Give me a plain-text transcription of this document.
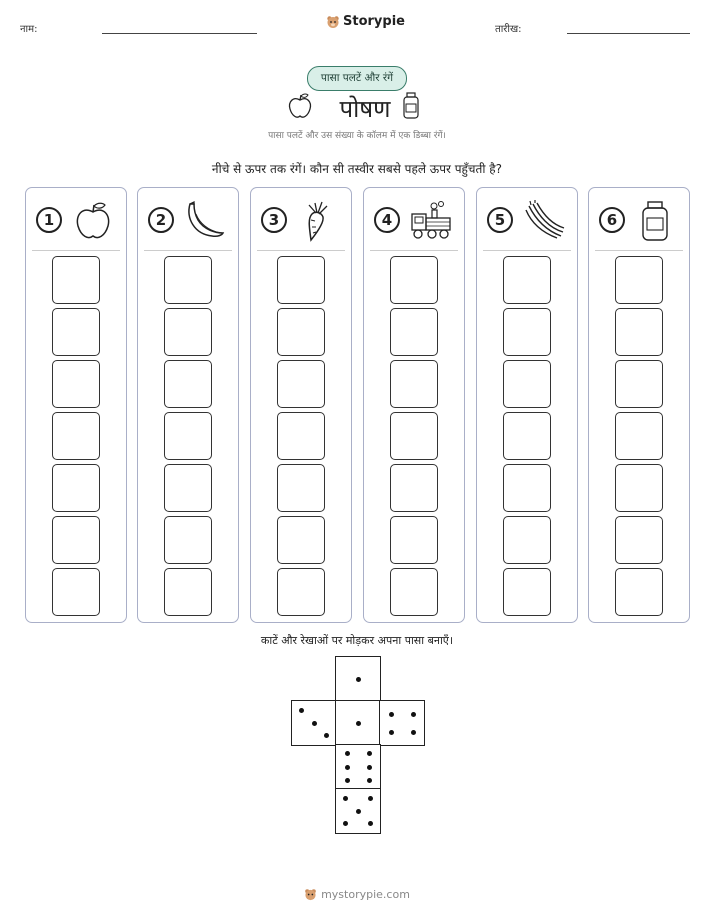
नाम:
Storypie
तारीख:
पासा पलटें और रंगें
पोषण
पासा पलटें और उस संख्या के कॉलम में एक डिब्बा रंगें।
नीचे से ऊपर तक रंगें। कौन सी तस्वीर सबसे पहले ऊपर पहुँचती है?
1	2	3	4	5	6
काटें और रेखाओं पर मोड़कर अपना पासा बनाएँ।
mystorypie.com
